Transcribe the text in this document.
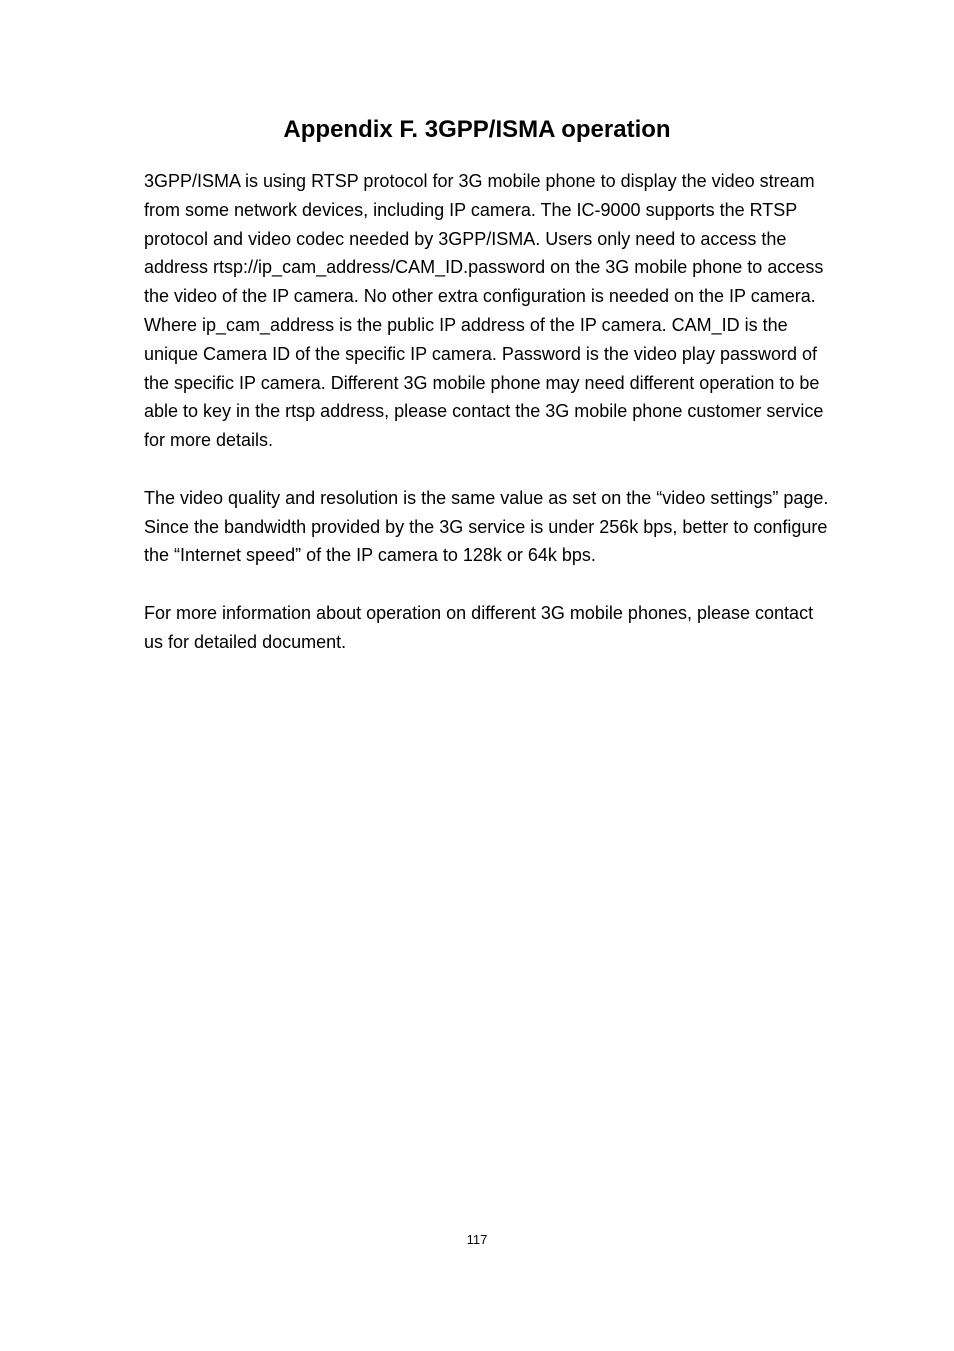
Appendix F. 3GPP/ISMA operation

3GPP/ISMA is using RTSP protocol for 3G mobile phone to display the video stream from some network devices, including IP camera. The IC-9000 supports the RTSP protocol and video codec needed by 3GPP/ISMA. Users only need to access the address rtsp://ip_cam_address/CAM_ID.password on the 3G mobile phone to access the video of the IP camera. No other extra configuration is needed on the IP camera. Where ip_cam_address is the public IP address of the IP camera. CAM_ID is the unique Camera ID of the specific IP camera. Password is the video play password of the specific IP camera. Different 3G mobile phone may need different operation to be able to key in the rtsp address, please contact the 3G mobile phone customer service for more details.

The video quality and resolution is the same value as set on the “video settings” page. Since the bandwidth provided by the 3G service is under 256k bps, better to configure the “Internet speed” of the IP camera to 128k or 64k bps.

For more information about operation on different 3G mobile phones, please contact us for detailed document.

117
